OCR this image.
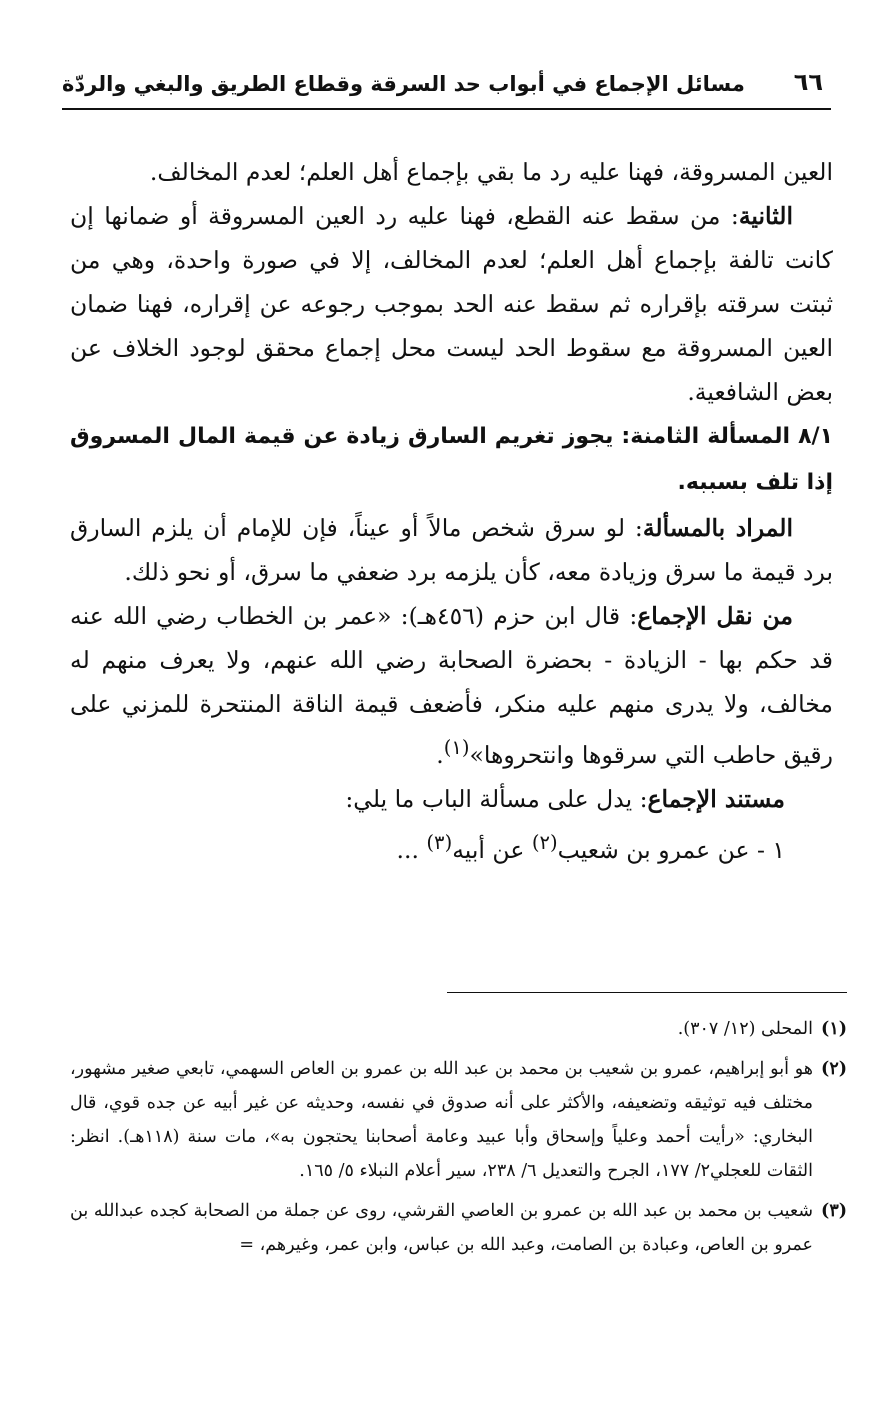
٦٦
مسائل الإجماع في أبواب حد السرقة وقطاع الطريق والبغي والردّة

العين المسروقة، فهنا عليه رد ما بقي بإجماع أهل العلم؛ لعدم المخالف.

الثانية: من سقط عنه القطع، فهنا عليه رد العين المسروقة أو ضمانها إن كانت تالفة بإجماع أهل العلم؛ لعدم المخالف، إلا في صورة واحدة، وهي من ثبتت سرقته بإقراره ثم سقط عنه الحد بموجب رجوعه عن إقراره، فهنا ضمان العين المسروقة مع سقوط الحد ليست محل إجماع محقق لوجود الخلاف عن بعض الشافعية.

٨/١ المسألة الثامنة: يجوز تغريم السارق زيادة عن قيمة المال المسروق إذا تلف بسببه.

المراد بالمسألة: لو سرق شخص مالاً أو عيناً، فإن للإمام أن يلزم السارق برد قيمة ما سرق وزيادة معه، كأن يلزمه برد ضعفي ما سرق، أو نحو ذلك.

من نقل الإجماع: قال ابن حزم (٤٥٦هـ): «عمر بن الخطاب رضي الله عنه قد حكم بها - الزيادة - بحضرة الصحابة رضي الله عنهم، ولا يعرف منهم له مخالف، ولا يدرى منهم عليه منكر، فأضعف قيمة الناقة المنتحرة للمزني على رقيق حاطب التي سرقوها وانتحروها»$^{(١)}$.

مستند الإجماع: يدل على مسألة الباب ما يلي:

١ - عن عمرو بن شعيب$^{(٢)}$ عن أبيه$^{(٣)}$ ...

(١)
المحلى (١٢/ ٣٠٧).
(٢)
هو أبو إبراهيم، عمرو بن شعيب بن محمد بن عبد الله بن عمرو بن العاص السهمي، تابعي صغير مشهور، مختلف فيه توثيقه وتضعيفه، والأكثر على أنه صدوق في نفسه، وحديثه عن غير أبيه عن جده قوي، قال البخاري: «رأيت أحمد وعلياً وإسحاق وأبا عبيد وعامة أصحابنا يحتجون به»، مات سنة (١١٨هـ). انظر: الثقات للعجلي٢/ ١٧٧، الجرح والتعديل ٦/ ٢٣٨، سير أعلام النبلاء ٥/ ١٦٥.
(٣)
شعيب بن محمد بن عبد الله بن عمرو بن العاصي القرشي، روى عن جملة من الصحابة كجده عبدالله بن عمرو بن العاص، وعبادة بن الصامت، وعبد الله بن عباس، وابن عمر، وغيرهم، =
